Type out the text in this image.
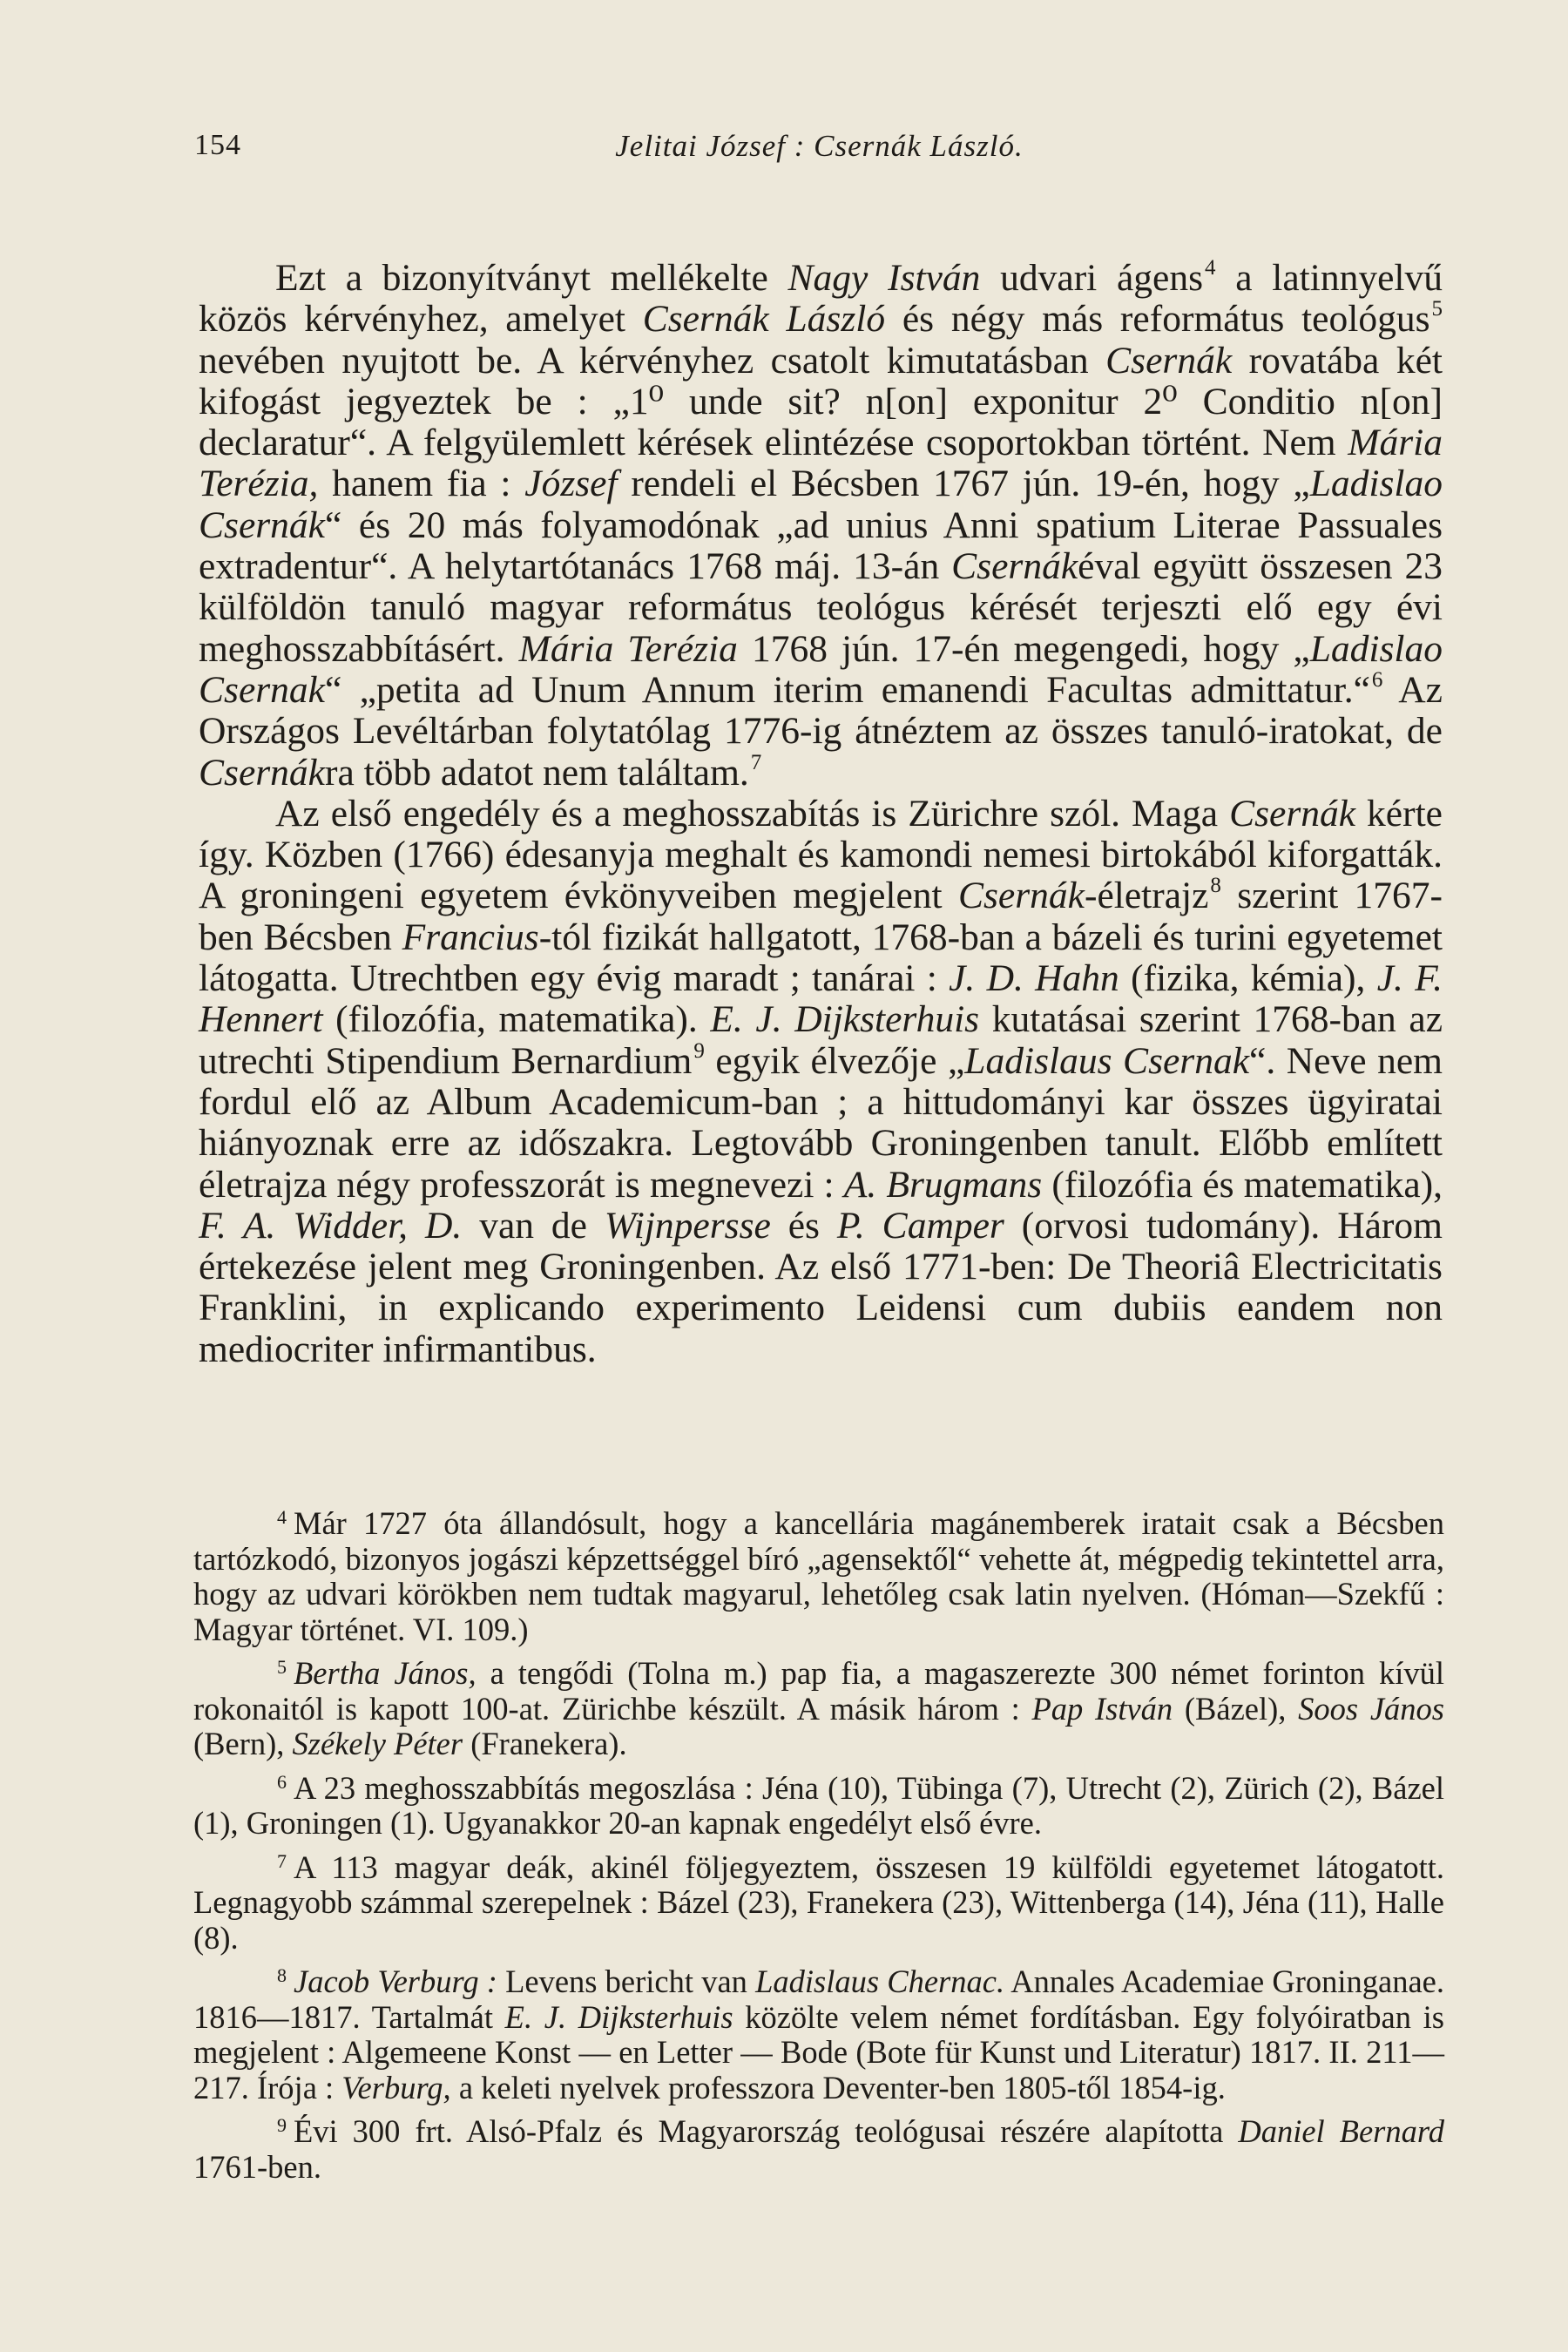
Jelitai József : Csernák László.
154

Ezt a bizonyítványt mellékelte Nagy István udvari ágens$^4$ a latinnyelvű közös kérvényhez, amelyet Csernák László és négy más református teológus$^5$ nevében nyujtott be. A kérvényhez csatolt kimutatásban Csernák rovatába két kifogást jegyeztek be : „1⁰ unde sit? n[on] exponitur 2⁰ Conditio n[on] declaratur“. A felgyülemlett kérések elintézése csoportokban történt. Nem Mária Terézia, hanem fia : József rendeli el Bécsben 1767 jún. 19-én, hogy „Ladislao Csernák“ és 20 más folyamodónak „ad unius Anni spatium Literae Passuales extradentur“. A helytartótanács 1768 máj. 13-án Csernákéval együtt összesen 23 külföldön tanuló magyar református teológus kérését terjeszti elő egy évi meghosszabbításért. Mária Terézia 1768 jún. 17-én megengedi, hogy „Ladislao Csernak“ „petita ad Unum Annum iterim emanendi Facultas admittatur.“$^6$ Az Országos Levéltárban folytatólag 1776-ig átnéztem az összes tanuló-iratokat, de Csernákra több adatot nem találtam.$^7$

Az első engedély és a meghosszabítás is Zürichre szól. Maga Csernák kérte így. Közben (1766) édesanyja meghalt és kamondi nemesi birtokából kiforgatták. A groningeni egyetem évkönyveiben megjelent Csernák-életrajz$^8$ szerint 1767-ben Bécsben Francius-tól fizikát hallgatott, 1768-ban a bázeli és turini egyetemet látogatta. Utrechtben egy évig maradt ; tanárai : J. D. Hahn (fizika, kémia), J. F. Hennert (filozófia, matematika). E. J. Dijksterhuis kutatásai szerint 1768-ban az utrechti Stipendium Bernardium$^9$ egyik élvezője „Ladislaus Csernak“. Neve nem fordul elő az Album Academicum-ban ; a hittudományi kar összes ügyiratai hiányoznak erre az időszakra. Legtovább Groningenben tanult. Előbb említett életrajza négy professzorát is megnevezi : A. Brugmans (filozófia és matematika), F. A. Widder, D. van de Wijnpersse és P. Camper (orvosi tudomány). Három értekezése jelent meg Groningenben. Az első 1771-ben: De Theoriâ Electricitatis Franklini, in explicando experimento Leidensi cum dubiis eandem non mediocriter infirmantibus.

$^4$ Már 1727 óta állandósult, hogy a kancellária magánemberek iratait csak a Bécsben tartózkodó, bizonyos jogászi képzettséggel bíró „agensektől“ vehette át, mégpedig tekintettel arra, hogy az udvari körökben nem tudtak magyarul, lehetőleg csak latin nyelven. (Hóman—Szekfű : Magyar történet. VI. 109.)

$^5$ Bertha János, a tengődi (Tolna m.) pap fia, a magaszerezte 300 német forinton kívül rokonaitól is kapott 100-at. Zürichbe készült. A másik három : Pap István (Bázel), Soos János (Bern), Székely Péter (Franekera).

$^6$ A 23 meghosszabbítás megoszlása : Jéna (10), Tübinga (7), Utrecht (2), Zürich (2), Bázel (1), Groningen (1). Ugyanakkor 20-an kapnak engedélyt első évre.

$^7$ A 113 magyar deák, akinél följegyeztem, összesen 19 külföldi egyetemet látogatott. Legnagyobb számmal szerepelnek : Bázel (23), Franekera (23), Wittenberga (14), Jéna (11), Halle (8).

$^8$ Jacob Verburg : Levens bericht van Ladislaus Chernac. Annales Academiae Groninganae. 1816—1817. Tartalmát E. J. Dijksterhuis közölte velem német fordításban. Egy folyóiratban is megjelent : Algemeene Konst — en Letter — Bode (Bote für Kunst und Literatur) 1817. II. 211—217. Írója : Verburg, a keleti nyelvek professzora Deventer-ben 1805-től 1854-ig.

$^9$ Évi 300 frt. Alsó-Pfalz és Magyarország teológusai részére alapította Daniel Bernard 1761-ben.
